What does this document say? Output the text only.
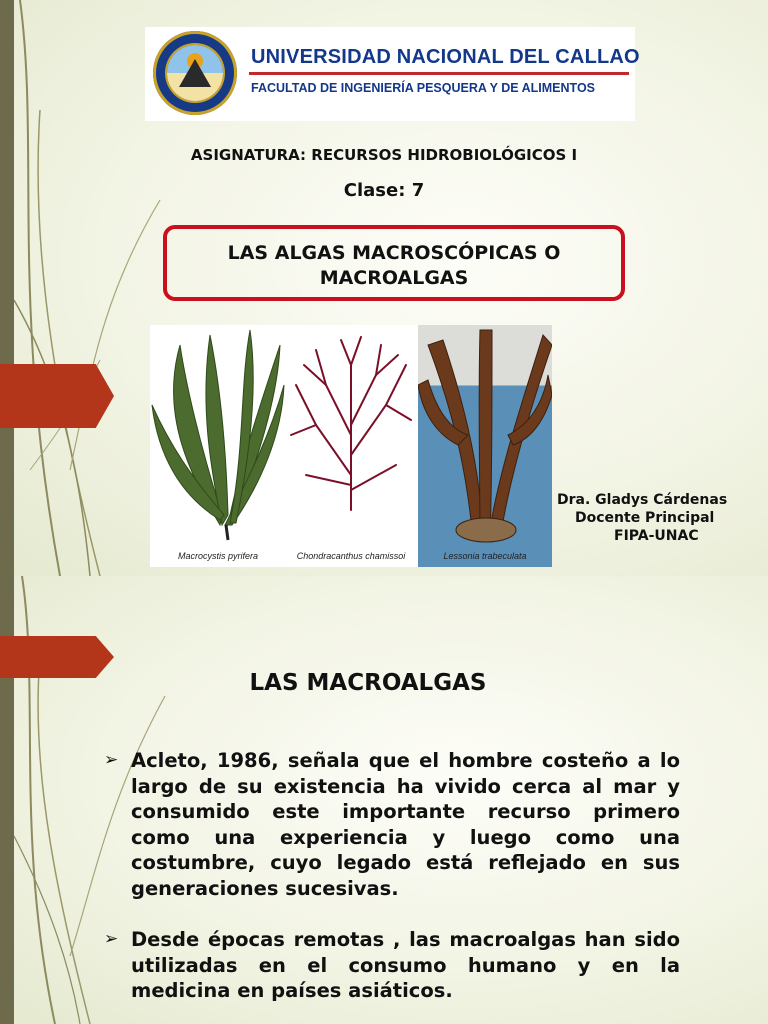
UNIVERSIDAD NACIONAL DEL CALLAO
FACULTAD DE INGENIERÍA PESQUERA Y DE ALIMENTOS
ASIGNATURA: RECURSOS HIDROBIOLÓGICOS I
Clase: 7
LAS ALGAS MACROSCÓPICAS O
MACROALGAS
Macrocystis pyrifera	Chondracanthus chamissoi	Lessonia trabeculata
Dra. Gladys Cárdenas
Docente Principal
FIPA-UNAC
LAS MACROALGAS
➢ Acleto, 1986, señala que el hombre costeño a lo largo de su existencia ha vivido cerca al mar y consumido este importante recurso primero como una experiencia y luego como una costumbre, cuyo legado está reflejado en sus generaciones sucesivas.
➢ Desde épocas remotas , las macroalgas han sido utilizadas en el consumo humano y en la medicina en países asiáticos.
